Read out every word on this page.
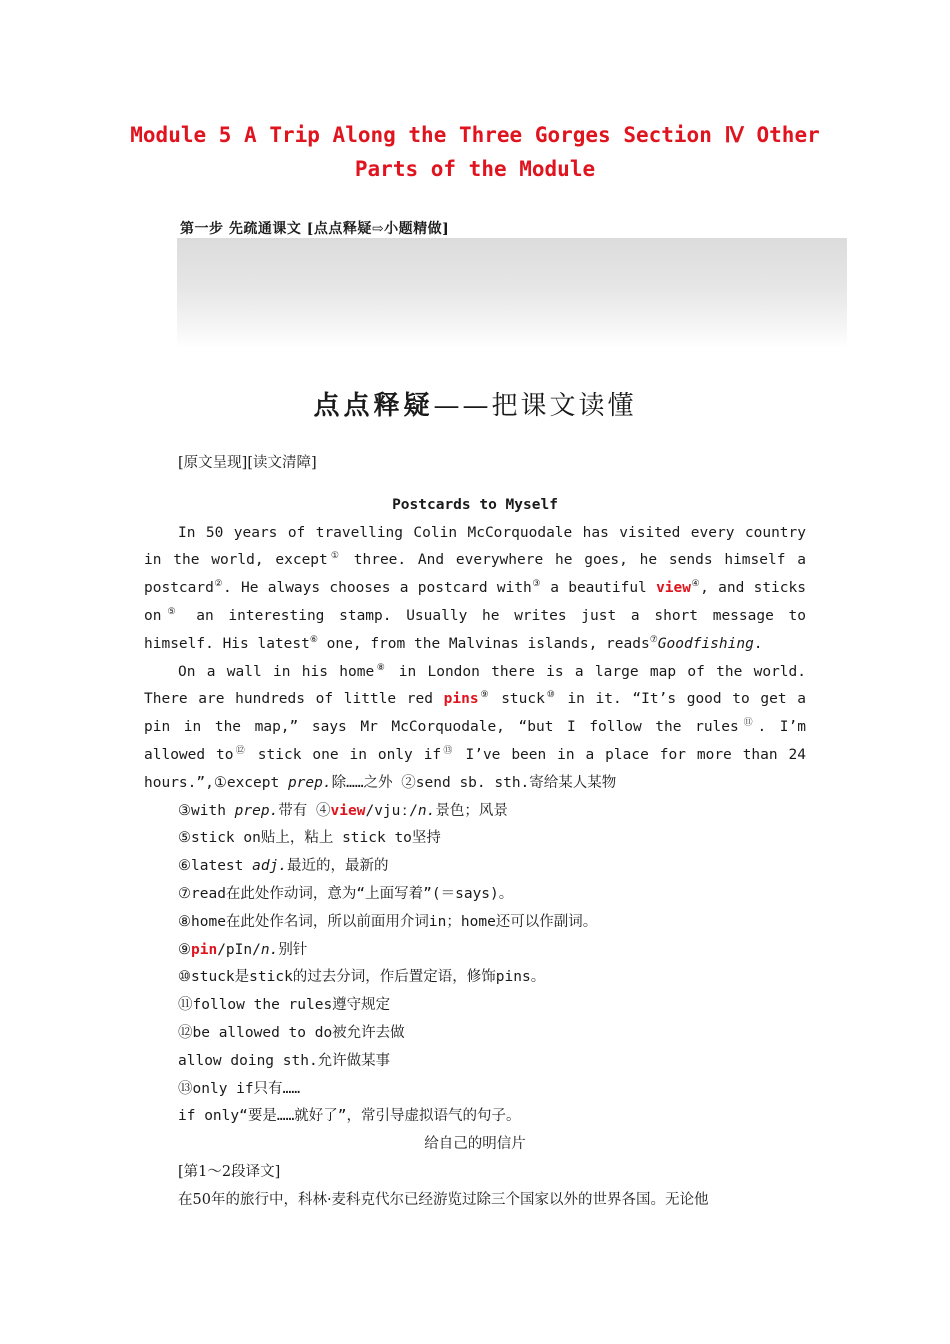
Module 5 A Trip Along the Three Gorges Section Ⅳ Other
Parts of the Module
第一步 先疏通课文 [点点释疑⇨小题精做]
点点释疑——把课文读懂

[原文呈现][读文清障]

Postcards to Myself

In 50 years of travelling Colin McCorquodale has visited every country in the world, except① three. And everywhere he goes, he sends himself a postcard②. He always chooses a postcard with③ a beautiful view④, and sticks on⑤ an interesting stamp. Usually he writes just a short message to himself. His latest⑥ one, from the Malvinas islands, reads⑦Goodfishing.

On a wall in his home⑧ in London there is a large map of the world. There are hundreds of little red pins⑨ stuck⑩ in it. “It’s good to get a pin in the map,” says Mr McCorquodale, “but I follow the rules⑪. I’m allowed to⑫ stick one in only if⑬ I’ve been in a place for more than 24 hours.”,①except prep.除……之外 ②send sb. sth.寄给某人某物

③with prep.带有 ④view/vjuː/n.景色；风景

⑤stick on贴上，粘上 stick to坚持

⑥latest adj.最近的，最新的

⑦read在此处作动词，意为“上面写着”(＝says)。

⑧home在此处作名词，所以前面用介词in；home还可以作副词。

⑨pin/pIn/n.别针

⑩stuck是stick的过去分词，作后置定语，修饰pins。

⑪follow the rules遵守规定

⑫be allowed to do被允许去做

allow doing sth.允许做某事

⑬only if只有……

if only“要是……就好了”，常引导虚拟语气的句子。

给自己的明信片

[第1～2段译文]

在50年的旅行中，科林·麦科克代尔已经游览过除三个国家以外的世界各国。无论他
